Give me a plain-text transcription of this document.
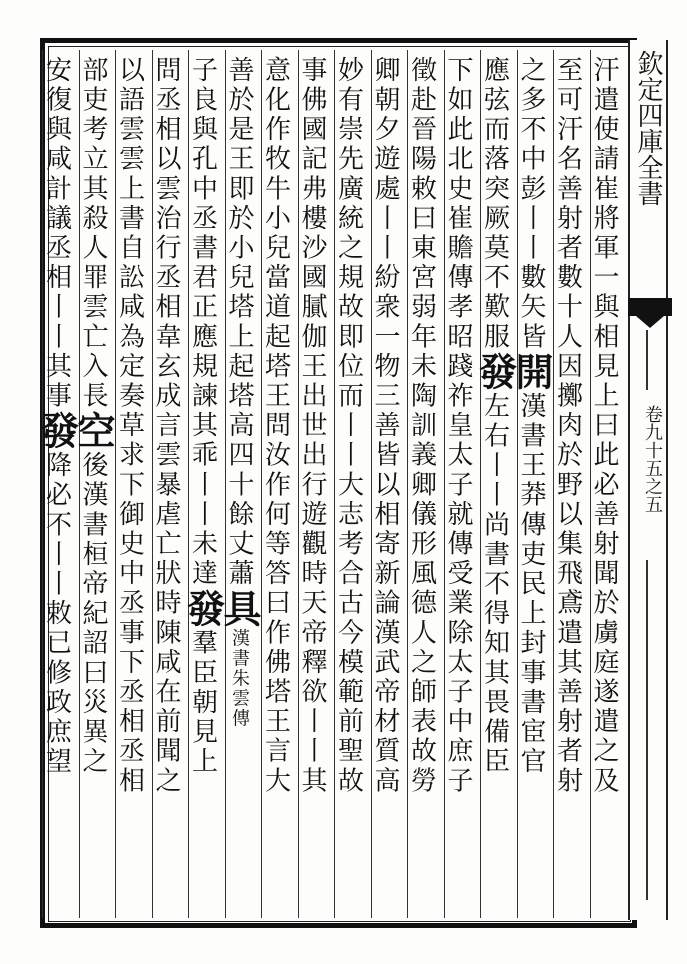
欽定四庫全書
卷九十五之五
汗遣使請崔將軍一與相見上曰此必善射聞於虜庭遂遣之及
至可汗名善射者數十人因擲肉於野以集飛鳶遣其善射者射
之多不中彭丨丨數矢皆開漢書王莽傳吏民上封事書宦官
應弦而落突厥莫不歎服發左右丨丨尚書不得知其畏備臣
下如此北史崔贍傳孝昭踐祚皇太子就傳受業除太子中庶子
徵赴晉陽敕曰東宮弱年未陶訓義卿儀形風德人之師表故勞
卿朝夕遊處丨丨紛衆一物三善皆以相寄新論漢武帝材質高
妙有崇先廣統之規故即位而丨丨大志考合古今模範前聖故
事佛國記弗樓沙國膩伽王出世出行遊觀時天帝釋欲丨丨其
意化作牧牛小兒當道起塔王問汝作何等答曰作佛塔王言大
善於是王即於小兒塔上起塔高四十餘丈蕭具漢書朱雲傳
子良與孔中丞書君正應規諫其乖丨丨未達發羣臣朝見上
問丞相以雲治行丞相韋玄成言雲暴虐亡狀時陳咸在前聞之
以語雲雲上書自訟咸為定奏草求下御史中丞事下丞相丞相
部吏考立其殺人罪雲亡入長空後漢書桓帝紀詔曰災異之
安復與咸計議丞相丨丨其事發降必不丨丨敕已修政庶望
